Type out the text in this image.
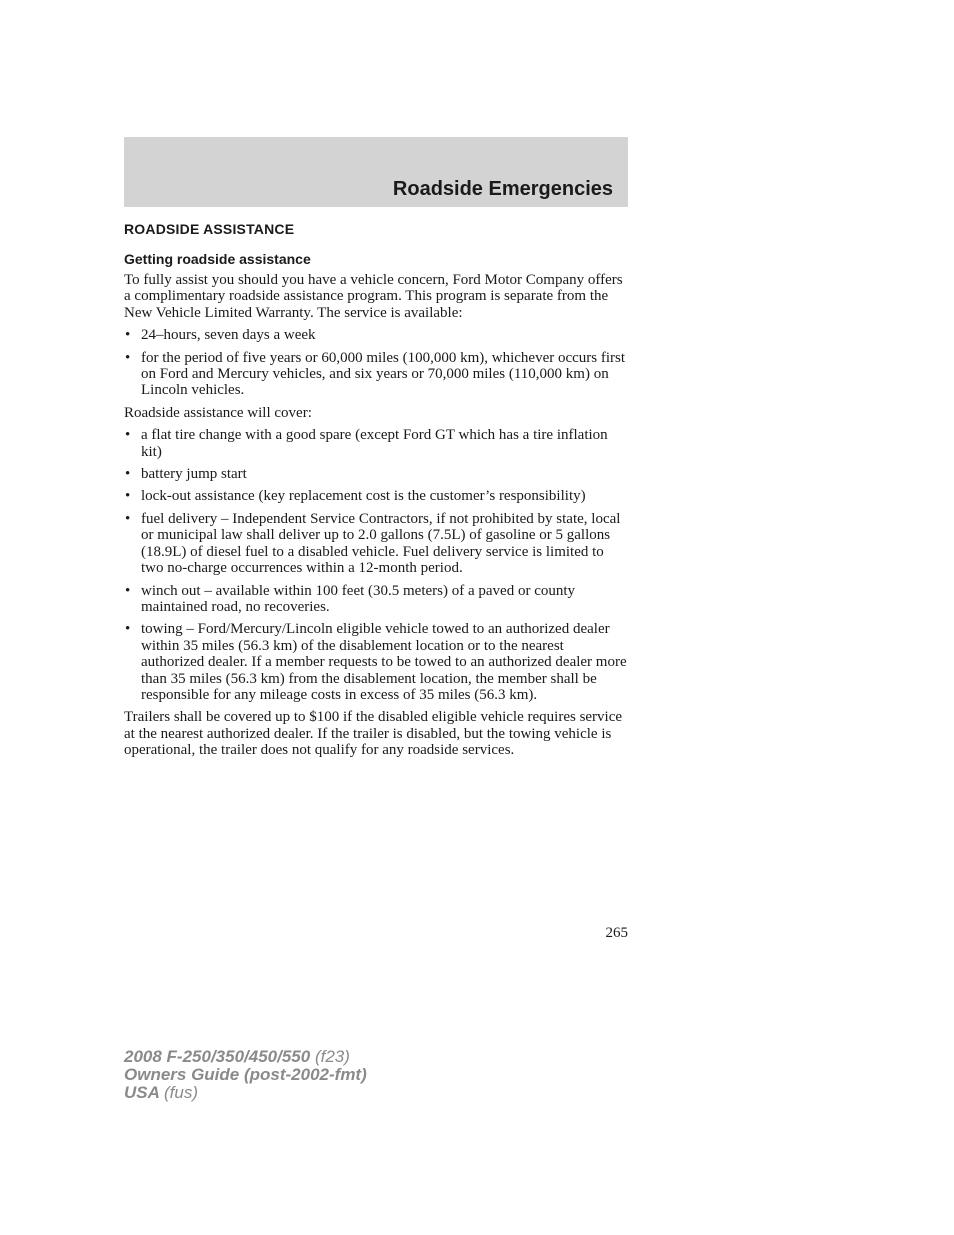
Roadside Emergencies
ROADSIDE ASSISTANCE
Getting roadside assistance

To fully assist you should you have a vehicle concern, Ford Motor Company offers a complimentary roadside assistance program. This program is separate from the New Vehicle Limited Warranty. The service is available:

• 24–hours, seven days a week
• for the period of five years or 60,000 miles (100,000 km), whichever occurs first on Ford and Mercury vehicles, and six years or 70,000 miles (110,000 km) on Lincoln vehicles.

Roadside assistance will cover:

• a flat tire change with a good spare (except Ford GT which has a tire inflation kit)
• battery jump start
• lock-out assistance (key replacement cost is the customer’s responsibility)
• fuel delivery – Independent Service Contractors, if not prohibited by state, local or municipal law shall deliver up to 2.0 gallons (7.5L) of gasoline or 5 gallons (18.9L) of diesel fuel to a disabled vehicle. Fuel delivery service is limited to two no-charge occurrences within a 12-month period.
• winch out – available within 100 feet (30.5 meters) of a paved or county maintained road, no recoveries.
• towing – Ford/Mercury/Lincoln eligible vehicle towed to an authorized dealer within 35 miles (56.3 km) of the disablement location or to the nearest authorized dealer. If a member requests to be towed to an authorized dealer more than 35 miles (56.3 km) from the disablement location, the member shall be responsible for any mileage costs in excess of 35 miles (56.3 km).

Trailers shall be covered up to $100 if the disabled eligible vehicle requires service at the nearest authorized dealer. If the trailer is disabled, but the towing vehicle is operational, the trailer does not qualify for any roadside services.

265
2008 F-250/350/450/550 (f23)
Owners Guide (post-2002-fmt)
USA (fus)
